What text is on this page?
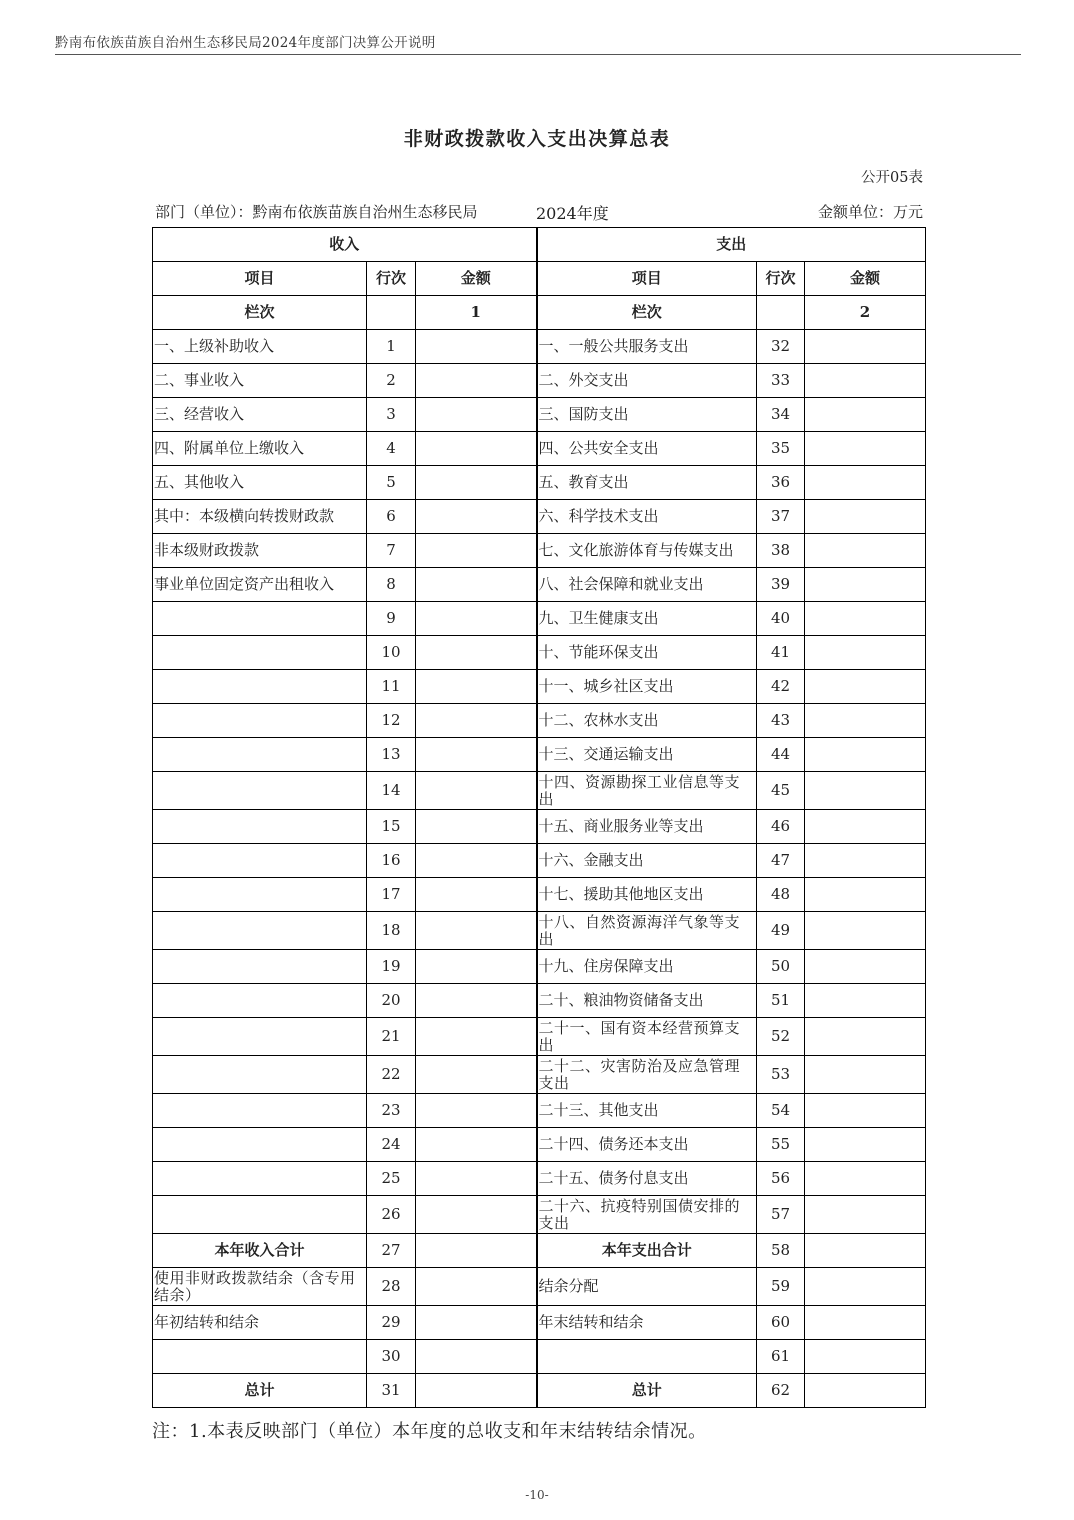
黔南布依族苗族自治州生态移民局2024年度部门决算公开说明
非财政拨款收入支出决算总表
公开05表
部门（单位）：黔南布依族苗族自治州生态移民局	2024年度	金额单位：万元
收入			支出		
项目	行次	金额	项目	行次	金额
栏次		1	栏次		2
一、上级补助收入	1		一、一般公共服务支出	32	
二、事业收入	2		二、外交支出	33	
三、经营收入	3		三、国防支出	34	
四、附属单位上缴收入	4		四、公共安全支出	35	
五、其他收入	5		五、教育支出	36	
其中：本级横向转拨财政款	6		六、科学技术支出	37	
非本级财政拨款	7		七、文化旅游体育与传媒支出	38	
事业单位固定资产出租收入	8		八、社会保障和就业支出	39	
	9		九、卫生健康支出	40	
	10		十、节能环保支出	41	
	11		十一、城乡社区支出	42	
	12		十二、农林水支出	43	
	13		十三、交通运输支出	44	
	14		十四、资源勘探工业信息等支出	45	
	15		十五、商业服务业等支出	46	
	16		十六、金融支出	47	
	17		十七、援助其他地区支出	48	
	18		十八、自然资源海洋气象等支出	49	
	19		十九、住房保障支出	50	
	20		二十、粮油物资储备支出	51	
	21		二十一、国有资本经营预算支出	52	
	22		二十二、灾害防治及应急管理支出	53	
	23		二十三、其他支出	54	
	24		二十四、债务还本支出	55	
	25		二十五、债务付息支出	56	
	26		二十六、抗疫特别国债安排的支出	57	
本年收入合计	27		本年支出合计	58	
使用非财政拨款结余（含专用结余）	28		结余分配	59	
年初结转和结余	29		年末结转和结余	60	
	30			61	
总计	31		总计	62	
注：1.本表反映部门（单位）本年度的总收支和年末结转结余情况。
-10-
